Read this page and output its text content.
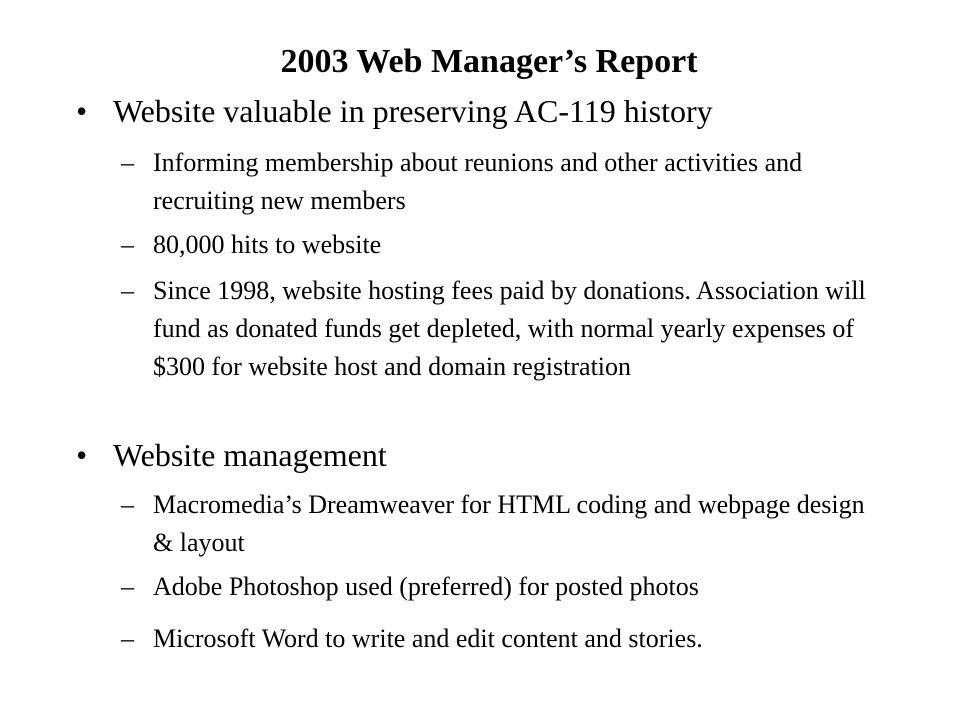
2003 Web Manager’s Report
• Website valuable in preserving AC-119 history
– Informing membership about reunions and other activities and recruiting new members
– 80,000 hits to website
– Since 1998, website hosting fees paid by donations. Association will fund as donated funds get depleted, with normal yearly expenses of $300 for website host and domain registration
• Website management
– Macromedia’s Dreamweaver for HTML coding and webpage design & layout
– Adobe Photoshop used (preferred) for posted photos
– Microsoft Word to write and edit content and stories.
